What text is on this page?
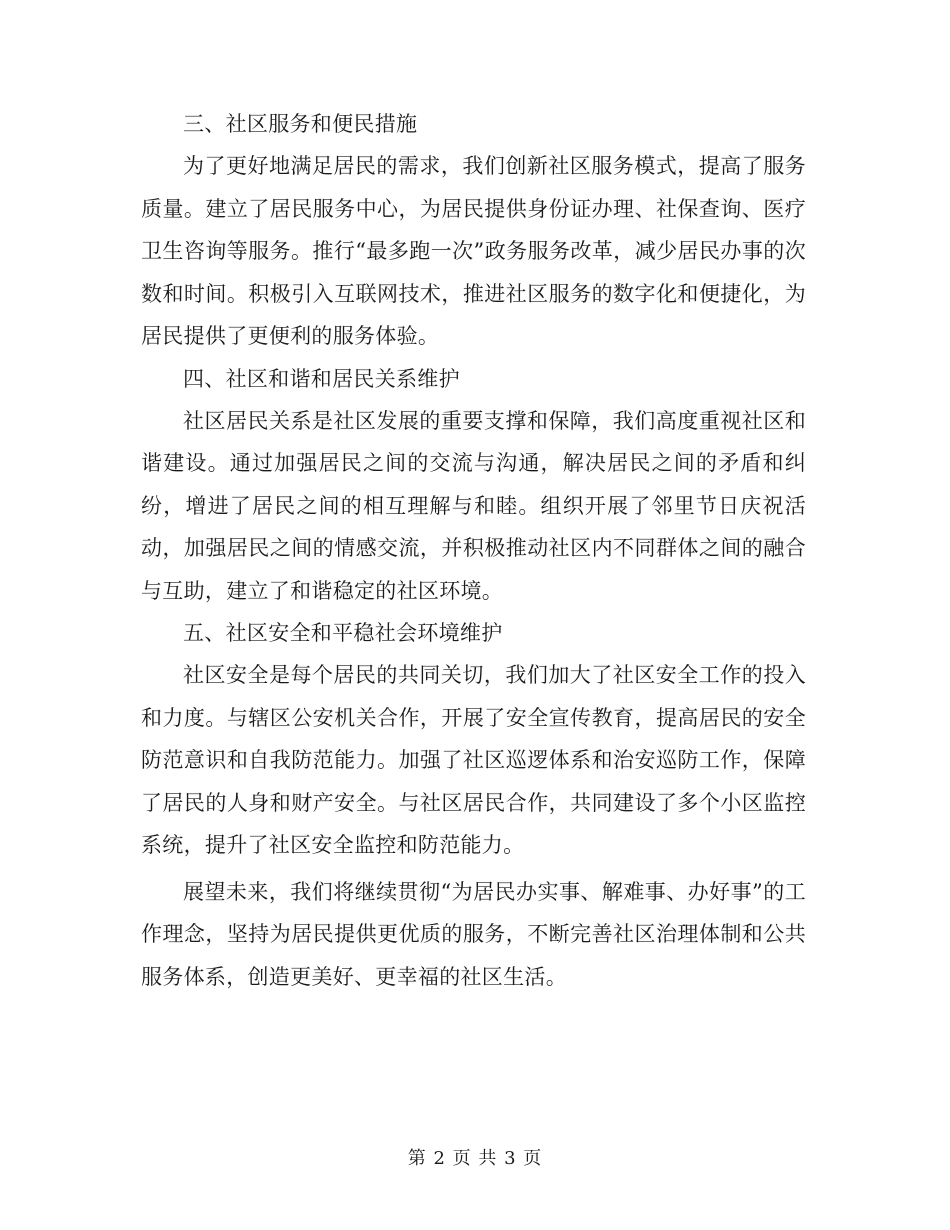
三、社区服务和便民措施

为了更好地满足居民的需求，我们创新社区服务模式，提高了服务质量。建立了居民服务中心，为居民提供身份证办理、社保查询、医疗卫生咨询等服务。推行“最多跑一次”政务服务改革，减少居民办事的次数和时间。积极引入互联网技术，推进社区服务的数字化和便捷化，为居民提供了更便利的服务体验。

四、社区和谐和居民关系维护

社区居民关系是社区发展的重要支撑和保障，我们高度重视社区和谐建设。通过加强居民之间的交流与沟通，解决居民之间的矛盾和纠纷，增进了居民之间的相互理解与和睦。组织开展了邻里节日庆祝活动，加强居民之间的情感交流，并积极推动社区内不同群体之间的融合与互助，建立了和谐稳定的社区环境。

五、社区安全和平稳社会环境维护

社区安全是每个居民的共同关切，我们加大了社区安全工作的投入和力度。与辖区公安机关合作，开展了安全宣传教育，提高居民的安全防范意识和自我防范能力。加强了社区巡逻体系和治安巡防工作，保障了居民的人身和财产安全。与社区居民合作，共同建设了多个小区监控系统，提升了社区安全监控和防范能力。

展望未来，我们将继续贯彻“为居民办实事、解难事、办好事”的工作理念，坚持为居民提供更优质的服务，不断完善社区治理体制和公共服务体系，创造更美好、更幸福的社区生活。

第 2 页 共 3 页
